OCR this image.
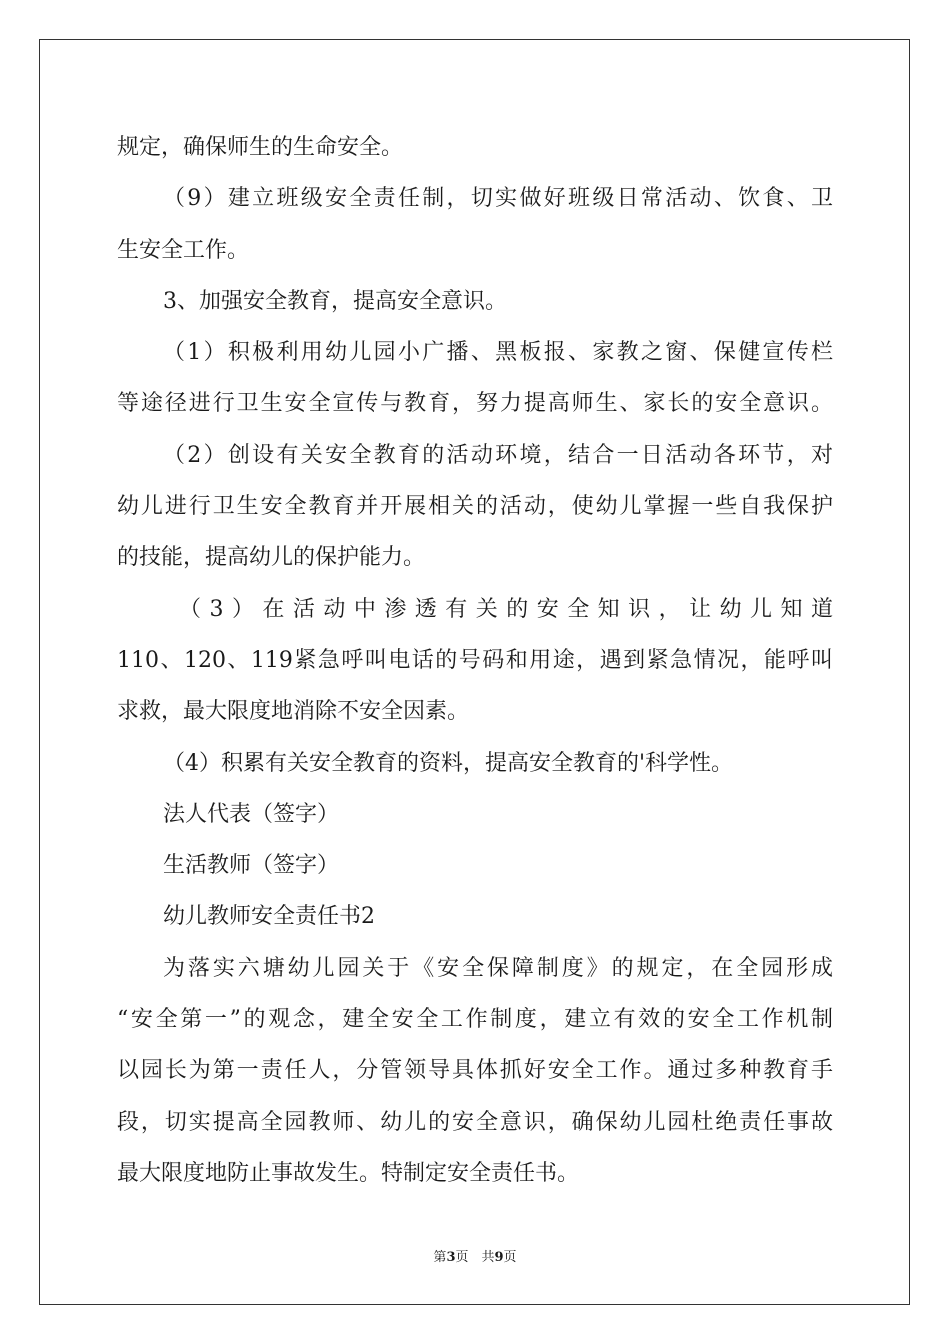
规定，确保师生的生命安全。
（9）建立班级安全责任制，切实做好班级日常活动、饮食、卫
生安全工作。
3、加强安全教育，提高安全意识。
（1）积极利用幼儿园小广播、黑板报、家教之窗、保健宣传栏
等途径进行卫生安全宣传与教育，努力提高师生、家长的安全意识。
（2）创设有关安全教育的活动环境，结合一日活动各环节，对
幼儿进行卫生安全教育并开展相关的活动，使幼儿掌握一些自我保护
的技能，提高幼儿的保护能力。
（3）在活动中渗透有关的安全知识，让幼儿知道
110、120、119紧急呼叫电话的号码和用途，遇到紧急情况，能呼叫
求救，最大限度地消除不安全因素。
（4）积累有关安全教育的资料，提高安全教育的'科学性。
法人代表（签字）
生活教师（签字）
幼儿教师安全责任书2
为落实六塘幼儿园关于《安全保障制度》的规定，在全园形成
“安全第一”的观念，建全安全工作制度，建立有效的安全工作机制
以园长为第一责任人，分管领导具体抓好安全工作。通过多种教育手
段，切实提高全园教师、幼儿的安全意识，确保幼儿园杜绝责任事故
最大限度地防止事故发生。特制定安全责任书。
第3页　共9页
